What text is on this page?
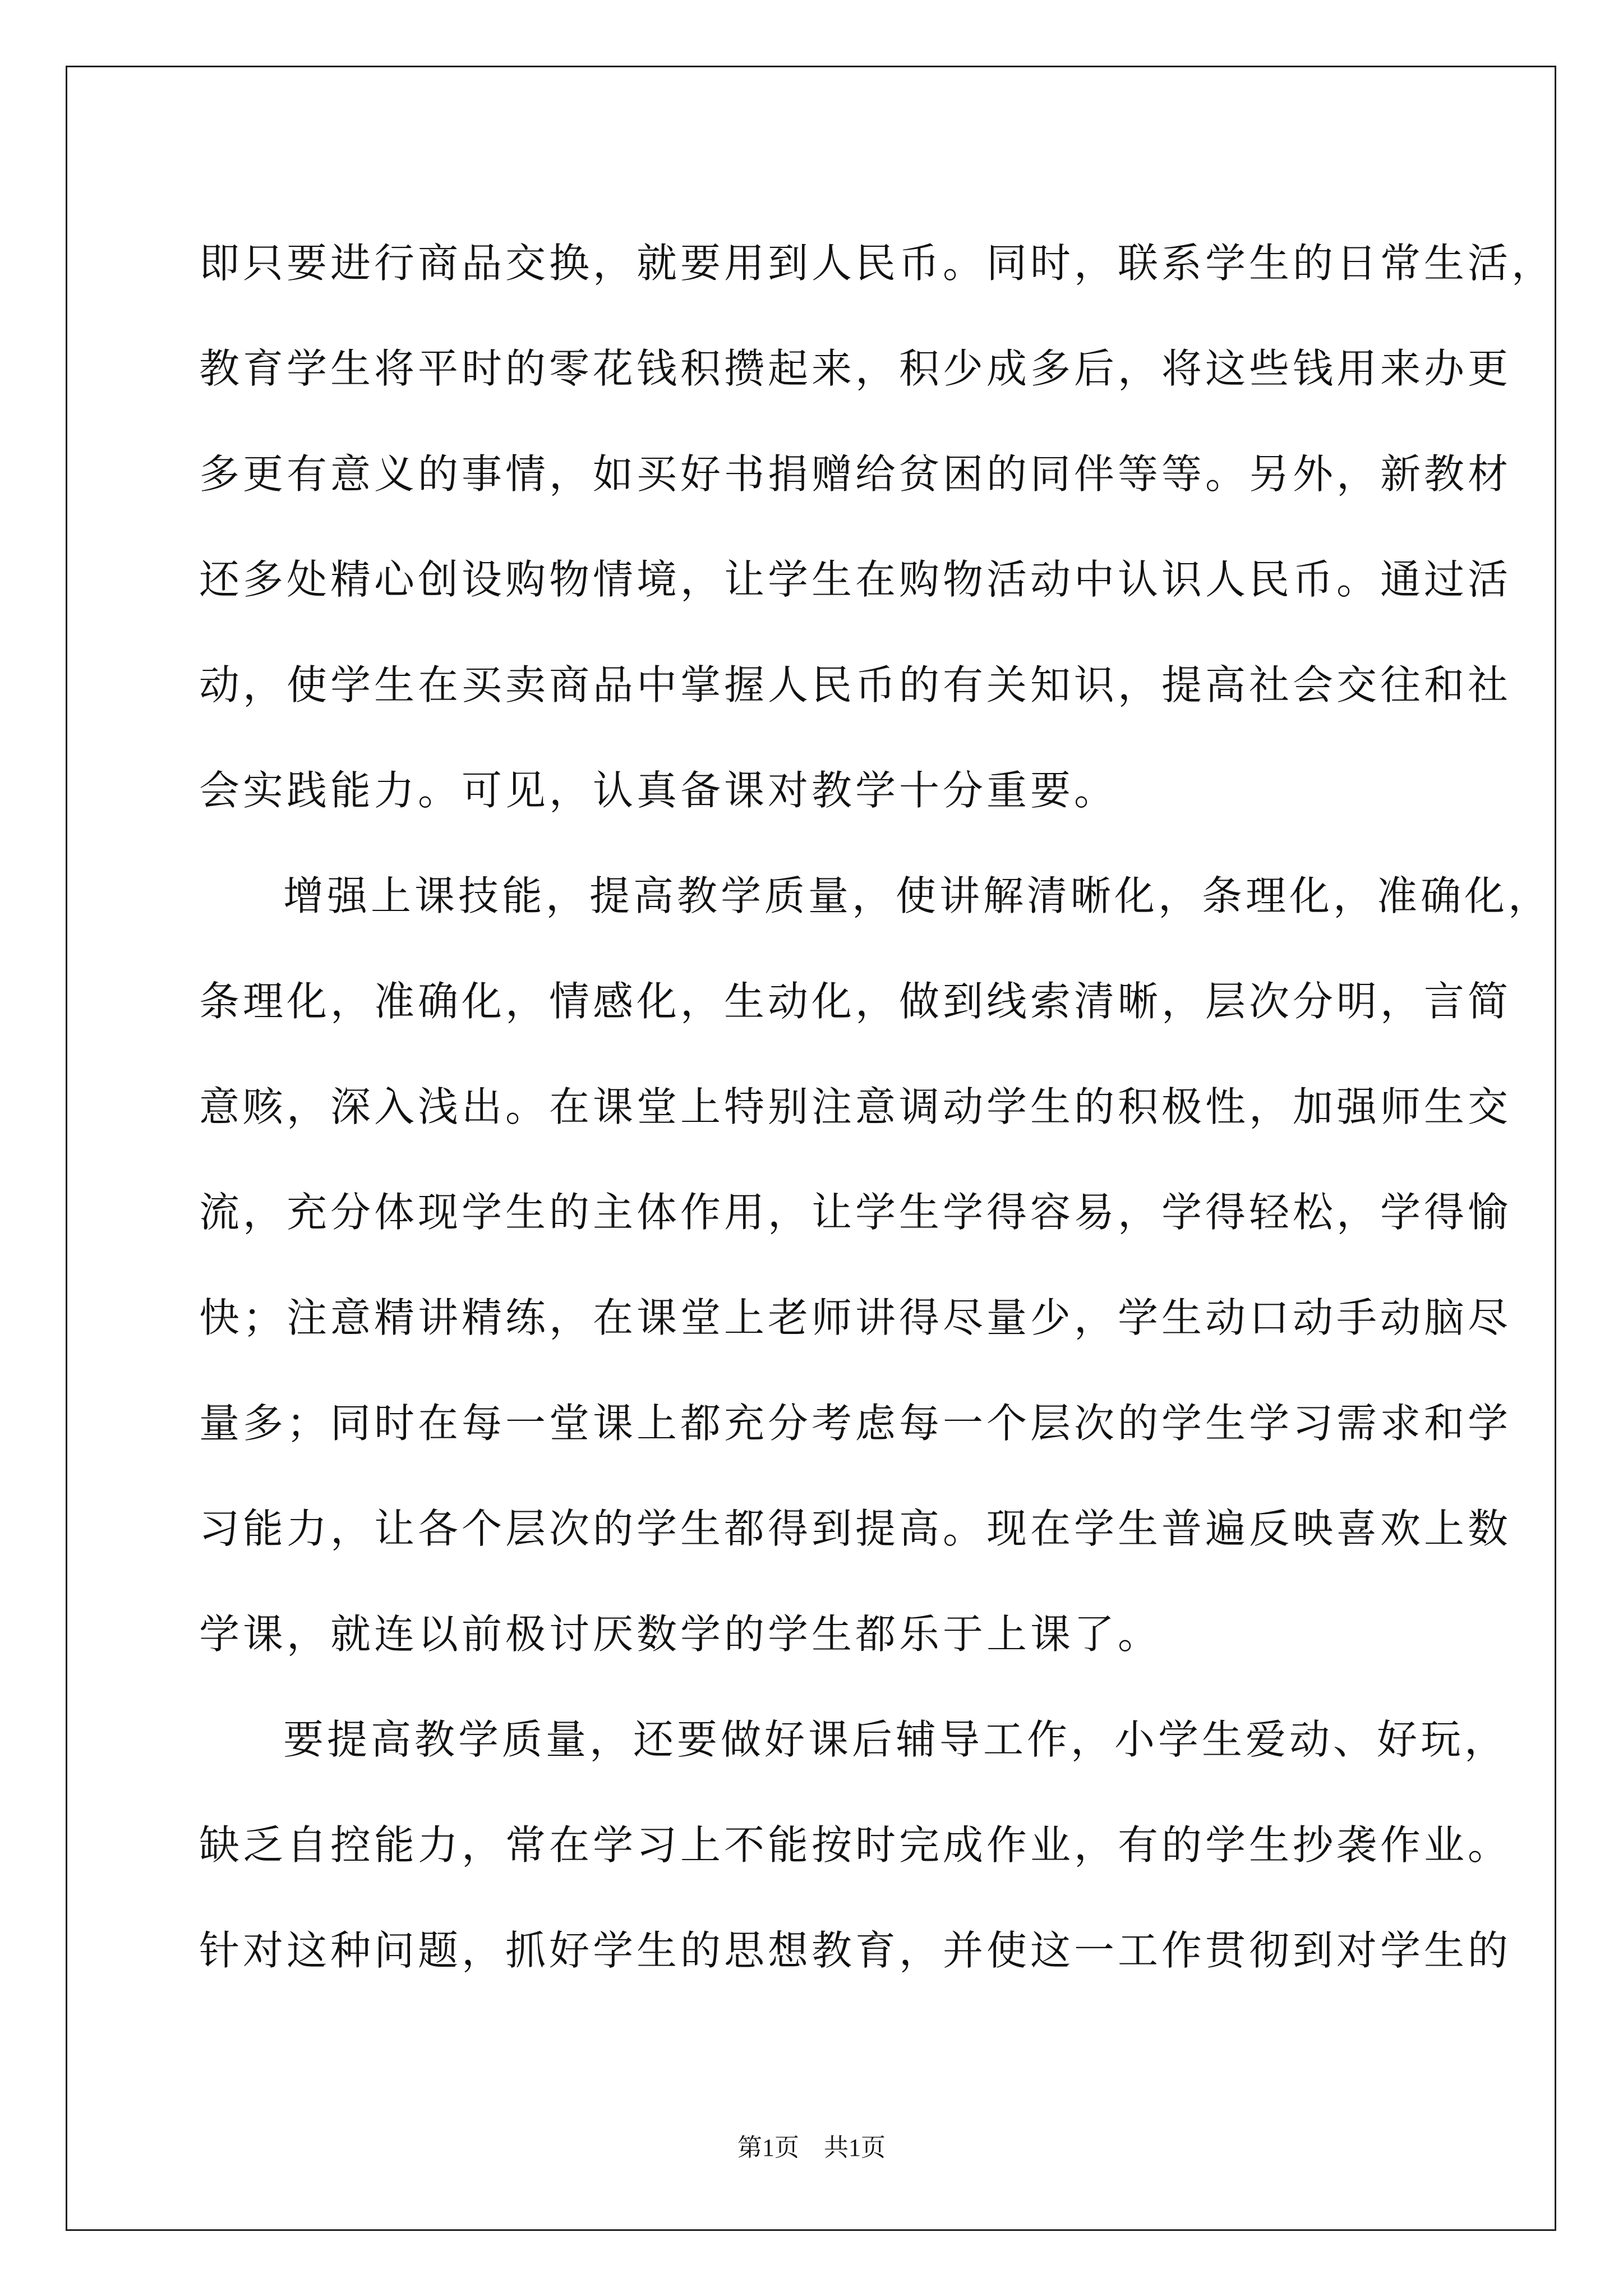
即只要进行商品交换，就要用到人民币。同时，联系学生的日常生活，
教育学生将平时的零花钱积攒起来，积少成多后，将这些钱用来办更
多更有意义的事情，如买好书捐赠给贫困的同伴等等。另外，新教材
还多处精心创设购物情境，让学生在购物活动中认识人民币。通过活
动，使学生在买卖商品中掌握人民币的有关知识，提高社会交往和社
会实践能力。可见，认真备课对教学十分重要。
增强上课技能，提高教学质量，使讲解清晰化，条理化，准确化，
条理化，准确化，情感化，生动化，做到线索清晰，层次分明，言简
意赅，深入浅出。在课堂上特别注意调动学生的积极性，加强师生交
流，充分体现学生的主体作用，让学生学得容易，学得轻松，学得愉
快；注意精讲精练，在课堂上老师讲得尽量少，学生动口动手动脑尽
量多；同时在每一堂课上都充分考虑每一个层次的学生学习需求和学
习能力，让各个层次的学生都得到提高。现在学生普遍反映喜欢上数
学课，就连以前极讨厌数学的学生都乐于上课了。
要提高教学质量，还要做好课后辅导工作，小学生爱动、好玩，
缺乏自控能力，常在学习上不能按时完成作业，有的学生抄袭作业。
针对这种问题，抓好学生的思想教育，并使这一工作贯彻到对学生的
第1页　共1页
